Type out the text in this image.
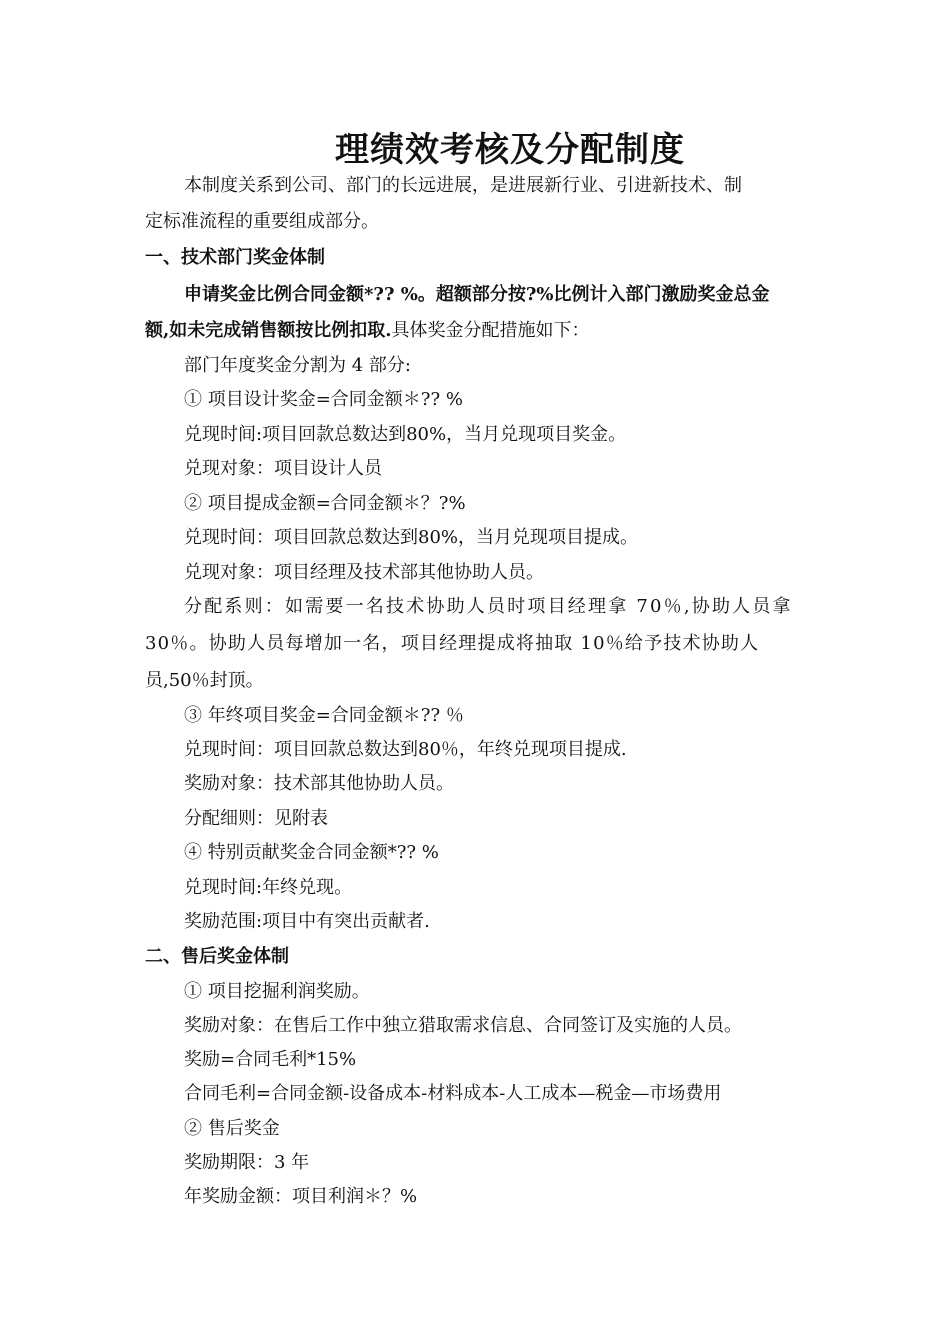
理绩效考核及分配制度
本制度关系到公司、部门的长远进展，是进展新行业、引进新技术、制
定标准流程的重要组成部分。
一、技术部门奖金体制
申请奖金比例合同金额*?? %。超额部分按?%比例计入部门激励奖金总金
额,如未完成销售额按比例扣取.具体奖金分配措施如下：
部门年度奖金分割为 4 部分:
① 项目设计奖金=合同金额＊?? %
兑现时间:项目回款总数达到80%，当月兑现项目奖金。
兑现对象：项目设计人员
② 项目提成金额=合同金额＊？?%
兑现时间：项目回款总数达到80%，当月兑现项目提成。
兑现对象：项目经理及技术部其他协助人员。
分配系则：如需要一名技术协助人员时项目经理拿 70％,协助人员拿
30％。协助人员每增加一名，项目经理提成将抽取 10％给予技术协助人
员,50％封顶。
③ 年终项目奖金=合同金额＊?? ％
兑现时间：项目回款总数达到80％，年终兑现项目提成.
奖励对象：技术部其他协助人员。
分配细则：见附表
④ 特别贡献奖金合同金额*?? %
兑现时间:年终兑现。
奖励范围:项目中有突出贡献者.
二、售后奖金体制
① 项目挖掘利润奖励。
奖励对象：在售后工作中独立猎取需求信息、合同签订及实施的人员。
奖励=合同毛利*15%
合同毛利=合同金额-设备成本-材料成本-人工成本—税金—市场费用
② 售后奖金
奖励期限：3 年
年奖励金额：项目利润＊？%
